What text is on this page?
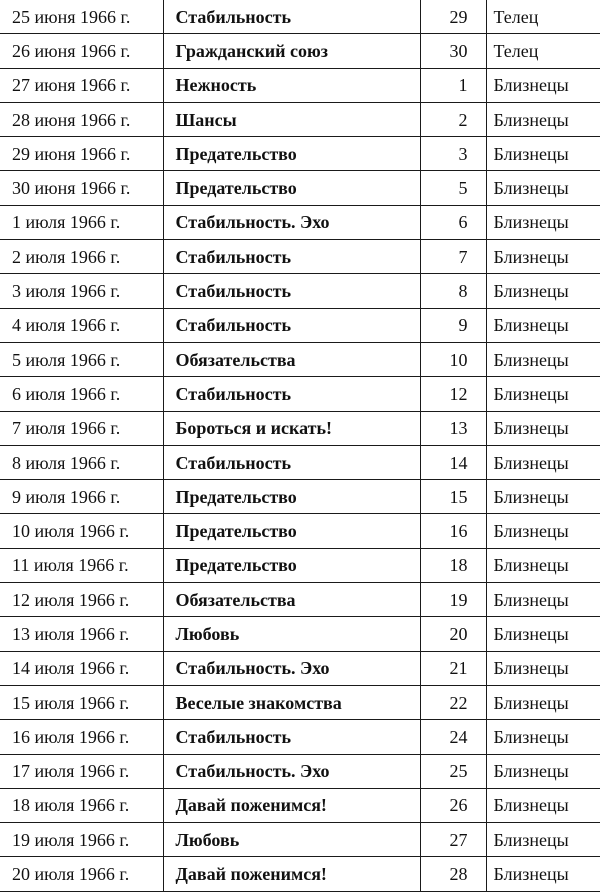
25 июня 1966 г.	Стабильность	29	Телец
26 июня 1966 г.	Гражданский союз	30	Телец
27 июня 1966 г.	Нежность	1	Близнецы
28 июня 1966 г.	Шансы	2	Близнецы
29 июня 1966 г.	Предательство	3	Близнецы
30 июня 1966 г.	Предательство	5	Близнецы
1 июля 1966 г.	Стабильность. Эхо	6	Близнецы
2 июля 1966 г.	Стабильность	7	Близнецы
3 июля 1966 г.	Стабильность	8	Близнецы
4 июля 1966 г.	Стабильность	9	Близнецы
5 июля 1966 г.	Обязательства	10	Близнецы
6 июля 1966 г.	Стабильность	12	Близнецы
7 июля 1966 г.	Бороться и искать!	13	Близнецы
8 июля 1966 г.	Стабильность	14	Близнецы
9 июля 1966 г.	Предательство	15	Близнецы
10 июля 1966 г.	Предательство	16	Близнецы
11 июля 1966 г.	Предательство	18	Близнецы
12 июля 1966 г.	Обязательства	19	Близнецы
13 июля 1966 г.	Любовь	20	Близнецы
14 июля 1966 г.	Стабильность. Эхо	21	Близнецы
15 июля 1966 г.	Веселые знакомства	22	Близнецы
16 июля 1966 г.	Стабильность	24	Близнецы
17 июля 1966 г.	Стабильность. Эхо	25	Близнецы
18 июля 1966 г.	Давай поженимся!	26	Близнецы
19 июля 1966 г.	Любовь	27	Близнецы
20 июля 1966 г.	Давай поженимся!	28	Близнецы
